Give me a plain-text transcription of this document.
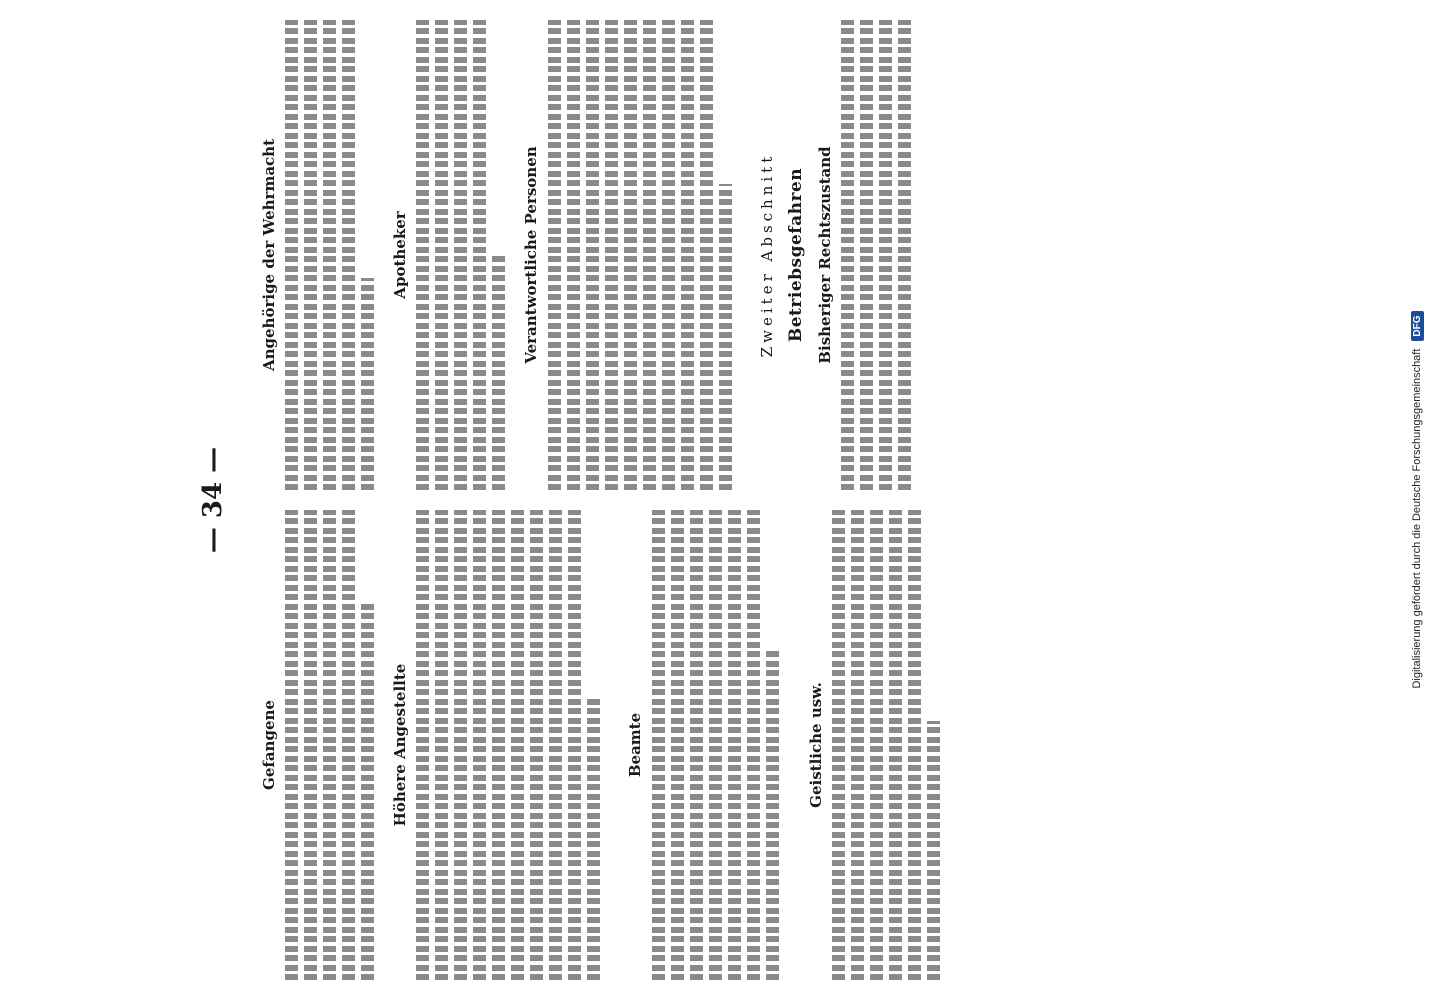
— 34 —
Gefangene	Höhere Angestellte	Beamte	Geistliche usw.
Angehörige der Wehrmacht	Apotheker	Verantwortliche Personen	Zweiter Abschnitt Betriebsgefahren Bisheriger Rechtszustand
Digitalisierung gefördert durch die Deutsche Forschungsgemeinschaft
DFG
